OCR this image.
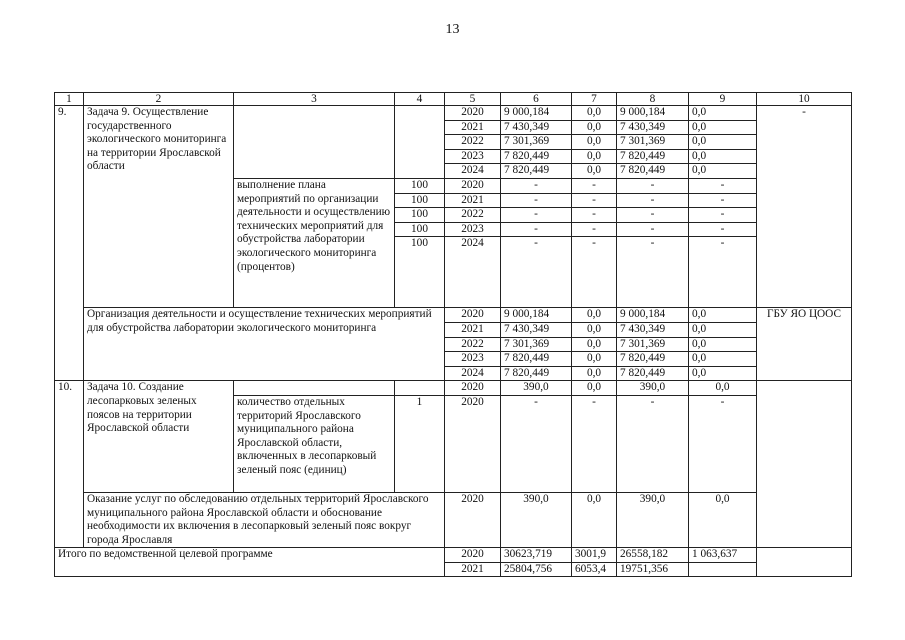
13
1	2	3	4	5	6	7	8	9	10
9.	Задача 9. Осуществление государственного экологического мониторинга на территории Ярославской области			2020	9 000,184	0,0	9 000,184	0,0	-
				2021	7 430,349	0,0	7 430,349	0,0	
				2022	7 301,369	0,0	7 301,369	0,0	
				2023	7 820,449	0,0	7 820,449	0,0	
				2024	7 820,449	0,0	7 820,449	0,0	
		выполнение плана мероприятий по организации деятельности и осуществлению технических мероприятий для обустройства лаборатории экологического мониторинга (процентов)	100	2020	-	-	-	-	
			100	2021	-	-	-	-	
			100	2022	-	-	-	-	
			100	2023	-	-	-	-	
			100	2024	-	-	-	-	
	Организация деятельности и осуществление технических мероприятий для обустройства лаборатории экологического мониторинга			2020	9 000,184	0,0	9 000,184	0,0	ГБУ ЯО ЦООС
				2021	7 430,349	0,0	7 430,349	0,0	
				2022	7 301,369	0,0	7 301,369	0,0	
				2023	7 820,449	0,0	7 820,449	0,0	
				2024	7 820,449	0,0	7 820,449	0,0	
10.	Задача 10. Создание лесопарковых зеленых поясов на территории Ярославской области			2020	390,0	0,0	390,0	0,0	
		количество отдельных территорий Ярославского муниципального района Ярославской области, включенных в лесопарковый зеленый пояс (единиц)	1	2020	-	-	-	-	
	Оказание услуг по обследованию отдельных территорий Ярославского муниципального района Ярославской области и обоснование необходимости их включения в лесопарковый зеленый пояс вокруг города Ярославля			2020	390,0	0,0	390,0	0,0	
Итого по ведомственной целевой программе				2020	30623,719	3001,9	26558,182	1 063,637	
				2021	25804,756	6053,4	19751,356		
